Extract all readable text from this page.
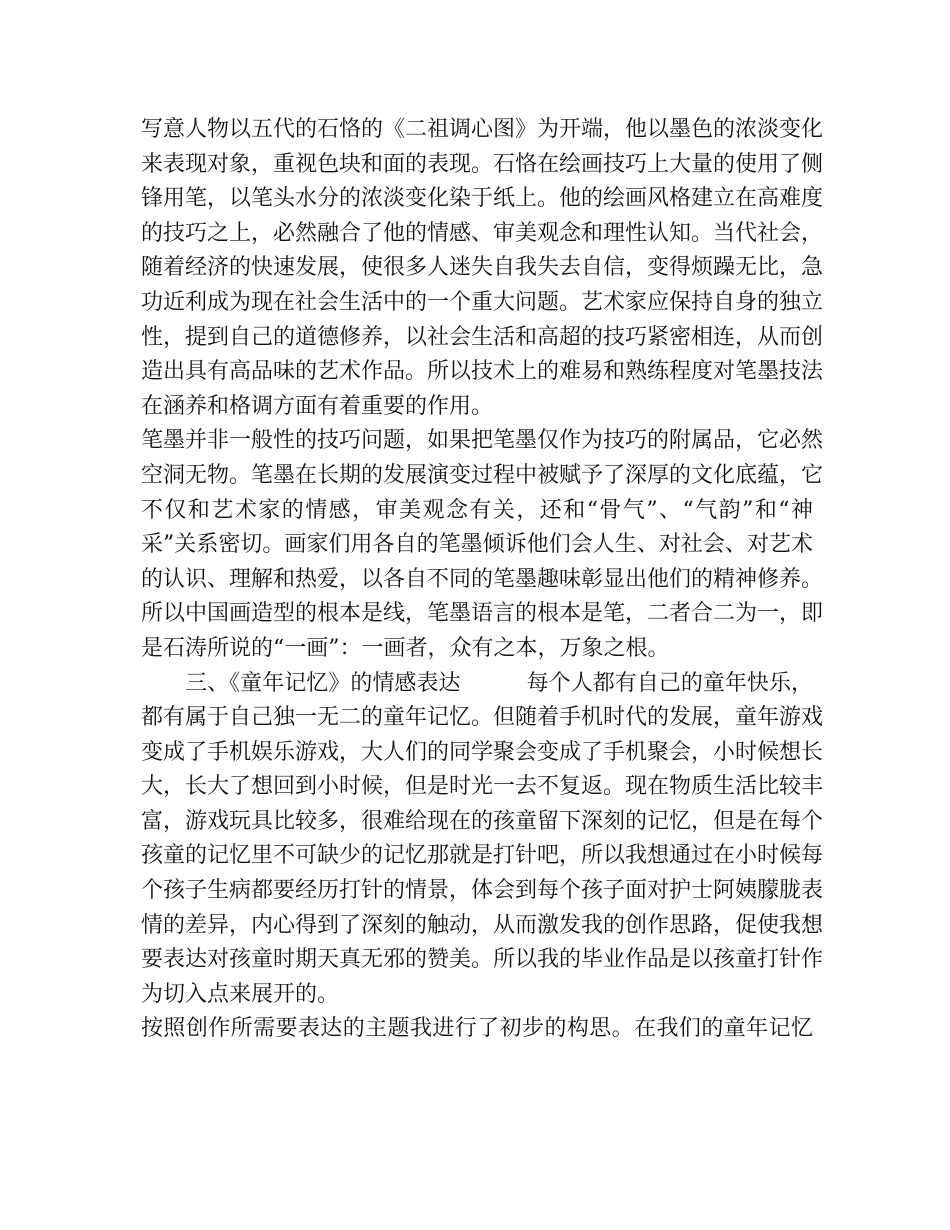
写意人物以五代的石恪的《二祖调心图》为开端，他以墨色的浓淡变化
来表现对象，重视色块和面的表现。石恪在绘画技巧上大量的使用了侧
锋用笔，以笔头水分的浓淡变化染于纸上。他的绘画风格建立在高难度
的技巧之上，必然融合了他的情感、审美观念和理性认知。当代社会，
随着经济的快速发展，使很多人迷失自我失去自信，变得烦躁无比，急
功近利成为现在社会生活中的一个重大问题。艺术家应保持自身的独立
性，提到自己的道德修养，以社会生活和高超的技巧紧密相连，从而创
造出具有高品味的艺术作品。所以技术上的难易和熟练程度对笔墨技法
在涵养和格调方面有着重要的作用。
笔墨并非一般性的技巧问题，如果把笔墨仅作为技巧的附属品，它必然
空洞无物。笔墨在长期的发展演变过程中被赋予了深厚的文化底蕴，它
不仅和艺术家的情感，审美观念有关，还和“骨气”、“气韵”和“神
采”关系密切。画家们用各自的笔墨倾诉他们会人生、对社会、对艺术
的认识、理解和热爱，以各自不同的笔墨趣味彰显出他们的精神修养。
所以中国画造型的根本是线，笔墨语言的根本是笔，二者合二为一，即
是石涛所说的“一画”：一画者，众有之本，万象之根。
　　三、《童年记忆》的情感表达　　　每个人都有自己的童年快乐，
都有属于自己独一无二的童年记忆。但随着手机时代的发展，童年游戏
变成了手机娱乐游戏，大人们的同学聚会变成了手机聚会，小时候想长
大，长大了想回到小时候，但是时光一去不复返。现在物质生活比较丰
富，游戏玩具比较多，很难给现在的孩童留下深刻的记忆，但是在每个
孩童的记忆里不可缺少的记忆那就是打针吧，所以我想通过在小时候每
个孩子生病都要经历打针的情景，体会到每个孩子面对护士阿姨朦胧表
情的差异，内心得到了深刻的触动，从而激发我的创作思路，促使我想
要表达对孩童时期天真无邪的赞美。所以我的毕业作品是以孩童打针作
为切入点来展开的。
按照创作所需要表达的主题我进行了初步的构思。在我们的童年记忆
